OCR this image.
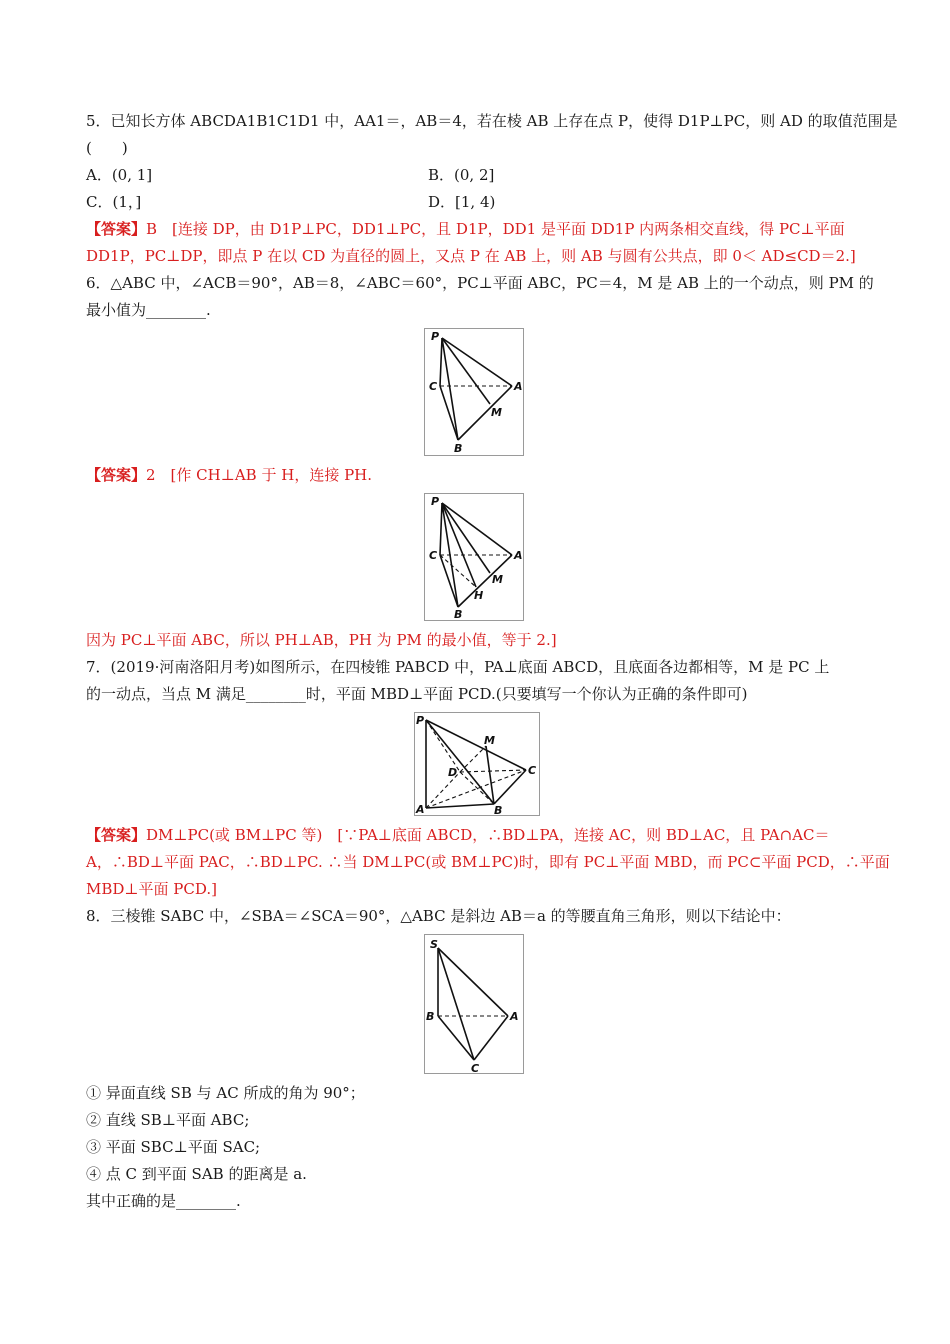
5．已知长方体 ABCDA1B1C1D1 中，AA1＝，AB＝4，若在棱 AB 上存在点 P，使得 D1P⊥PC，则 AD 的取值范围是
(　　)
A．(0, 1]	B．(0, 2]
C．(1，]	D．[1, 4)
【答案】B　[连接 DP，由 D1P⊥PC，DD1⊥PC，且 D1P，DD1 是平面 DD1P 内两条相交直线，得 PC⊥平面
DD1P，PC⊥DP，即点 P 在以 CD 为直径的圆上，又点 P 在 AB 上，则 AB 与圆有公共点，即 0＜ AD≤CD＝2.]
6．△ABC 中，∠ACB＝90°，AB＝8，∠ABC＝60°，PC⊥平面 ABC，PC＝4，M 是 AB 上的一个动点，则 PM 的
最小值为________.
P
C	A
M
B
【答案】2　[作 CH⊥AB 于 H，连接 PH.
P
C	A
M
H
B
因为 PC⊥平面 ABC，所以 PH⊥AB，PH 为 PM 的最小值，等于 2.]
7．(2019·河南洛阳月考)如图所示，在四棱锥 PABCD 中，PA⊥底面 ABCD，且底面各边都相等，M 是 PC 上
的一动点，当点 M 满足________时，平面 MBD⊥平面 PCD.(只要填写一个你认为正确的条件即可)
P
M
D	C
A	B
【答案】DM⊥PC(或 BM⊥PC 等)　[∵PA⊥底面 ABCD，∴BD⊥PA，连接 AC，则 BD⊥AC，且 PA∩AC＝
A，∴BD⊥平面 PAC，∴BD⊥PC. ∴当 DM⊥PC(或 BM⊥PC)时，即有 PC⊥平面 MBD，而 PC⊂平面 PCD，∴平面
MBD⊥平面 PCD.]
8．三棱锥 SABC 中，∠SBA＝∠SCA＝90°，△ABC 是斜边 AB＝a 的等腰直角三角形，则以下结论中：
S
B	A
C
① 异面直线 SB 与 AC 所成的角为 90°；
② 直线 SB⊥平面 ABC;
③ 平面 SBC⊥平面 SAC;
④ 点 C 到平面 SAB 的距离是 a.
其中正确的是________.
